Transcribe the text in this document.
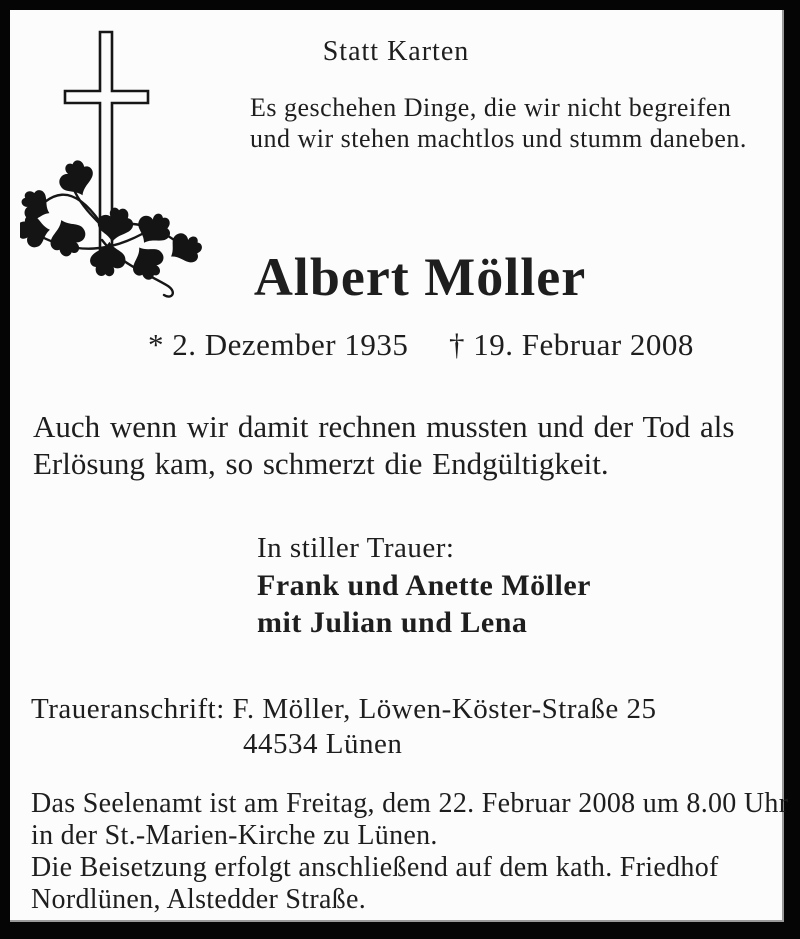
Statt Karten
Es geschehen Dinge, die wir nicht begreifen
und wir stehen machtlos und stumm daneben.
Albert Möller
* 2. Dezember 1935 † 19. Februar 2008
Auch wenn wir damit rechnen mussten und der Tod als
Erlösung kam, so schmerzt die Endgültigkeit.
In stiller Trauer:
Frank und Anette Möller
mit Julian und Lena
Traueranschrift: F. Möller, Löwen-Köster-Straße 25
44534 Lünen
Das Seelenamt ist am Freitag, dem 22. Februar 2008 um 8.00 Uhr
in der St.-Marien-Kirche zu Lünen.
Die Beisetzung erfolgt anschließend auf dem kath. Friedhof
Nordlünen, Alstedder Straße.
